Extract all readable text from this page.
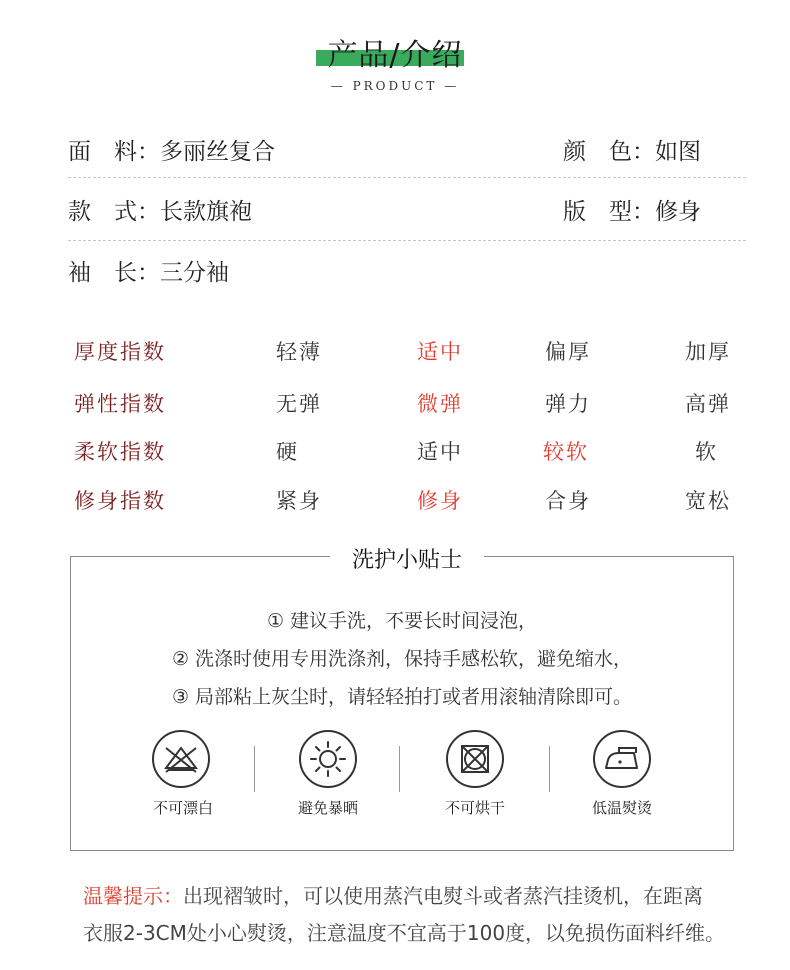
产品/介绍
— PRODUCT —
面　料：多丽丝复合	颜　色：如图
款　式：长款旗袍	版　型：修身
袖　长：三分袖
厚度指数	轻薄	适中	偏厚	加厚
弹性指数	无弹	微弹	弹力	高弹
柔软指数	硬	适中	较软	软
修身指数	紧身	修身	合身	宽松
洗护小贴士
① 建议手洗，不要长时间浸泡，
② 洗涤时使用专用洗涤剂，保持手感松软，避免缩水，
③ 局部粘上灰尘时，请轻轻拍打或者用滚轴清除即可。
不可漂白	避免暴晒	不可烘干	低温熨烫
温馨提示：出现褶皱时，可以使用蒸汽电熨斗或者蒸汽挂烫机，在距离
衣服2-3CM处小心熨烫，注意温度不宜高于100度，以免损伤面料纤维。
